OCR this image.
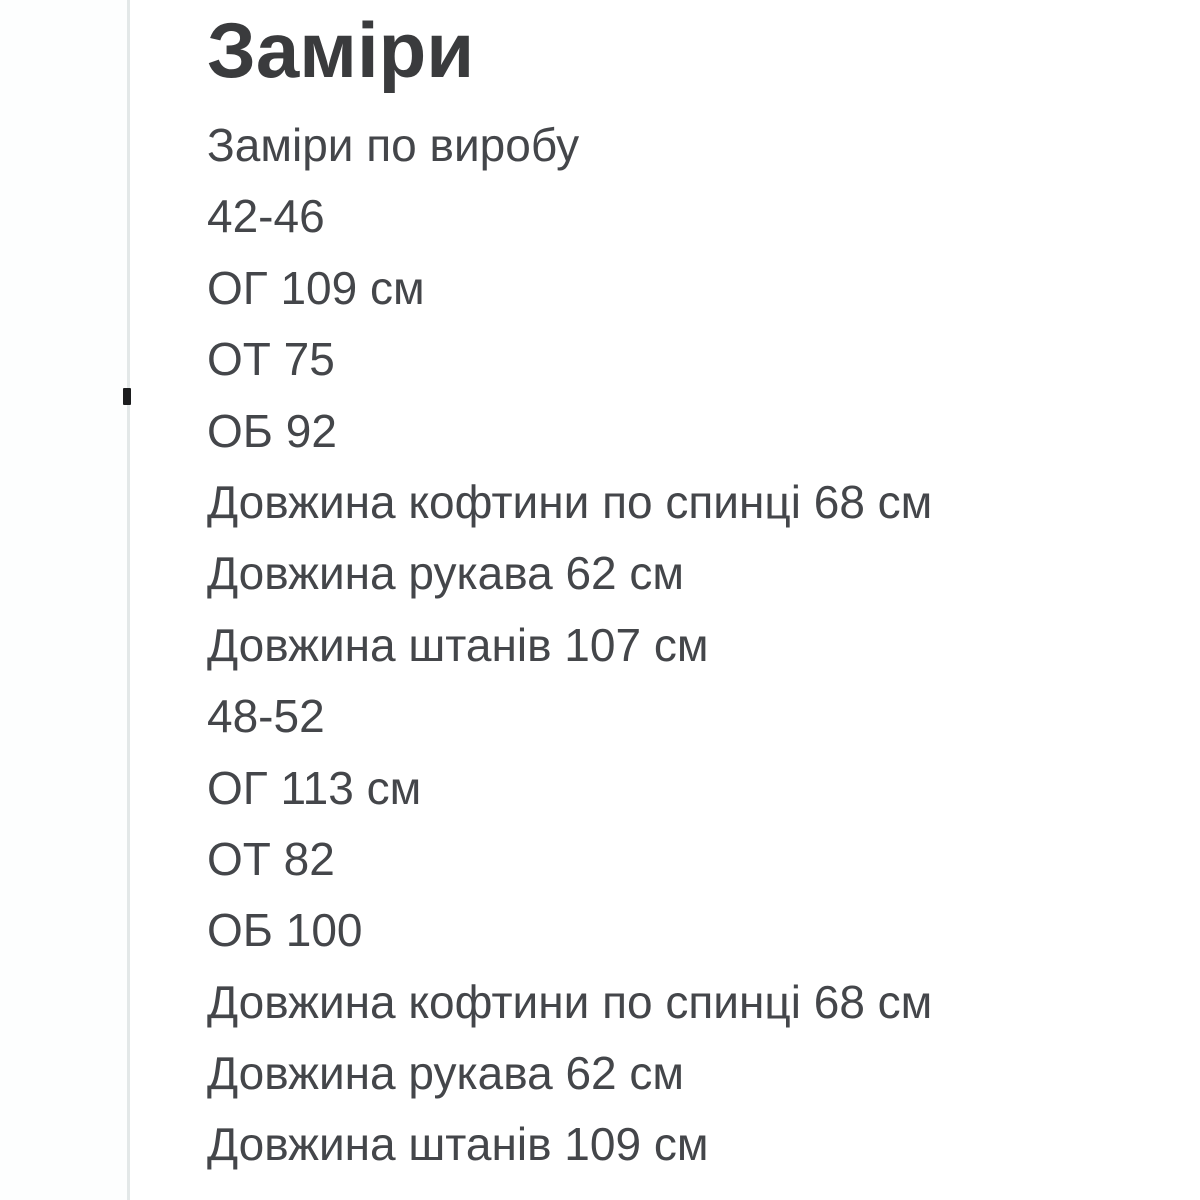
Заміри
Заміри по виробу
42-46
ОГ 109 см
ОТ 75
ОБ 92
Довжина кофтини по спинці 68 см
Довжина рукава 62 см
Довжина штанів 107 см
48-52
ОГ 113 см
ОТ 82
ОБ 100
Довжина кофтини по спинці 68 см
Довжина рукава 62 см
Довжина штанів 109 см
